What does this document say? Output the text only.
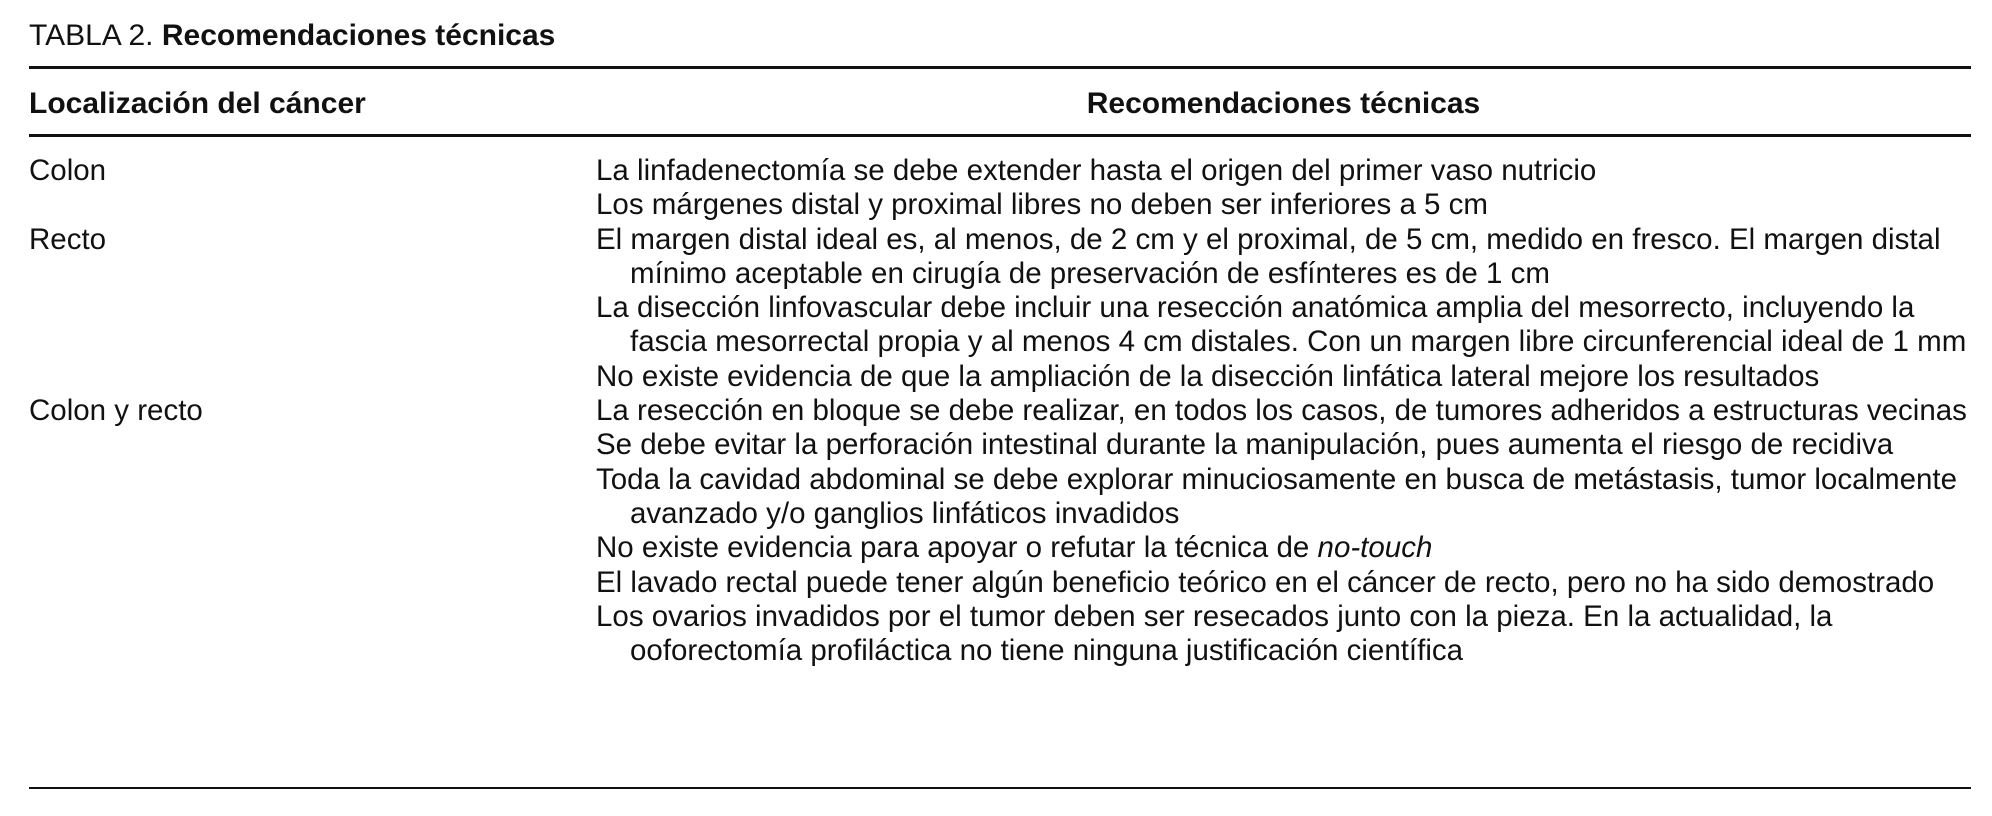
TABLA 2. Recomendaciones técnicas
Localización del cáncer	Recomendaciones técnicas
Colon	La linfadenectomía se debe extender hasta el origen del primer vaso nutricio

Los márgenes distal y proximal libres no deben ser inferiores a 5 cm

Recto	El margen distal ideal es, al menos, de 2 cm y el proximal, de 5 cm, medido en fresco. El margen distal mínimo aceptable en cirugía de preservación de esfínteres es de 1 cm

La disección linfovascular debe incluir una resección anatómica amplia del mesorrecto, incluyendo la fascia mesorrectal propia y al menos 4 cm distales. Con un margen libre circunferencial ideal de 1 mm

No existe evidencia de que la ampliación de la disección linfática lateral mejore los resultados

Colon y recto	La resección en bloque se debe realizar, en todos los casos, de tumores adheridos a estructuras vecinas

Se debe evitar la perforación intestinal durante la manipulación, pues aumenta el riesgo de recidiva

Toda la cavidad abdominal se debe explorar minuciosamente en busca de metástasis, tumor localmente avanzado y/o ganglios linfáticos invadidos

No existe evidencia para apoyar o refutar la técnica de no-touch

El lavado rectal puede tener algún beneficio teórico en el cáncer de recto, pero no ha sido demostrado

Los ovarios invadidos por el tumor deben ser resecados junto con la pieza. En la actualidad, la ooforectomía profiláctica no tiene ninguna justificación científica
